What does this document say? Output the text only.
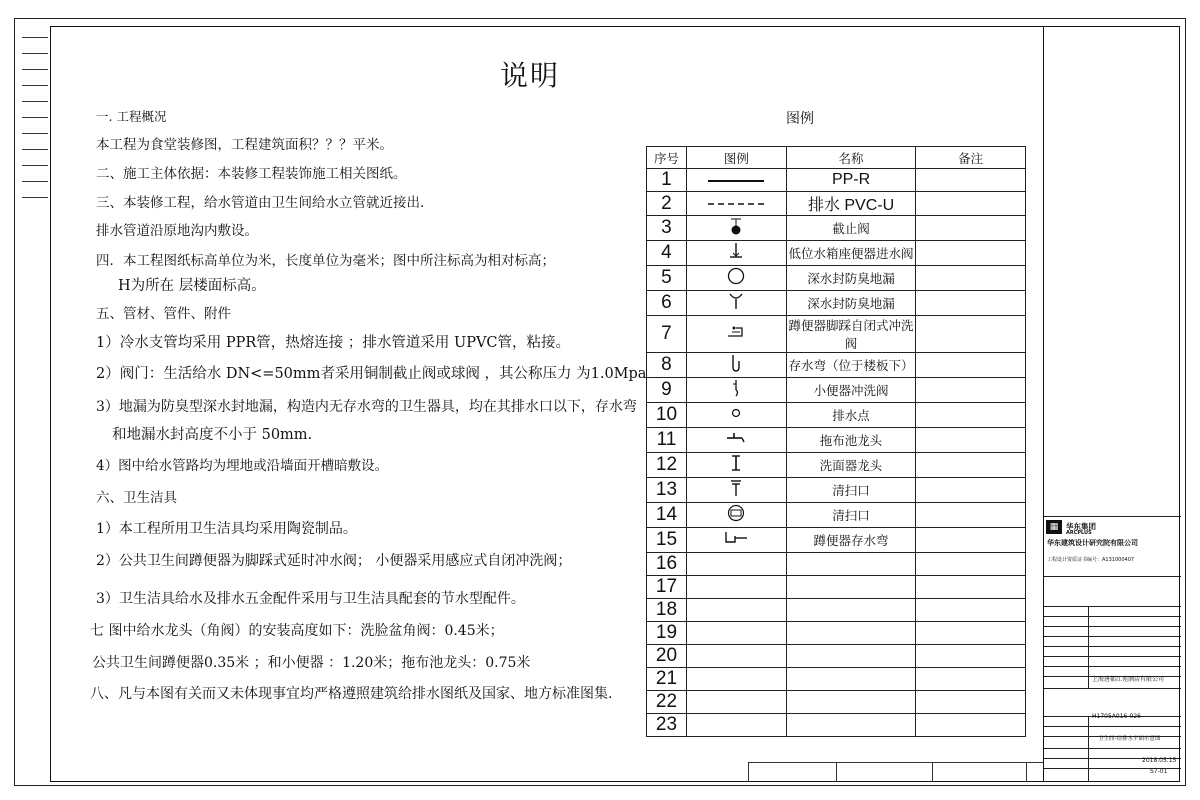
说明
一. 工程概况
本工程为食堂装修图，工程建筑面积？？？平米。
二、施工主体依据：本装修工程装饰施工相关图纸。
三、本装修工程，给水管道由卫生间给水立管就近接出.
排水管道沿原地沟内敷设。
四．本工程图纸标高单位为米，长度单位为毫米；图中所注标高为相对标高；
H为所在 层楼面标高。
五、管材、管件、附件
1）冷水支管均采用 PPR管，热熔连接 ；排水管道采用 UPVC管，粘接。
2）阀门：生活给水 DN<=50mm者采用铜制截止阀或球阀 ，其公称压力 为1.0Mpa
3）地漏为防臭型深水封地漏，构造内无存水弯的卫生器具，均在其排水口以下，存水弯
和地漏水封高度不小于 50mm.
4）图中给水管路均为埋地或沿墙面开槽暗敷设。
六、卫生洁具
1）本工程所用卫生洁具均采用陶瓷制品。
2）公共卫生间蹲便器为脚踩式延时冲水阀； 小便器采用感应式自闭冲洗阀；
3）卫生洁具给水及排水五金配件采用与卫生洁具配套的节水型配件。
七 图中给水龙头（角阀）的安装高度如下：洗脸盆角阀：0.45米；
公共卫生间蹲便器0.35米 ；和小便器 ：1.20米；拖布池龙头：0.75米
八、凡与本图有关而又未体现事宜均严格遵照建筑给排水图纸及国家、地方标准图集.
图例
序号	图例	名称	备注
1		PP-R	
2		排水 PVC-U	
3		截止阀	
4		低位水箱座便器进水阀	
5		深水封防臭地漏	
6		深水封防臭地漏	
7		蹲便器脚踩自闭式冲洗阀	
8		存水弯（位于楼板下）	
9		小便器冲洗阀	
10		排水点	
11		拖布池龙头	
12		洗面器龙头	
13		清扫口	
14		清扫口	
15		蹲便器存水弯	
16			
17			
18			
19			
20			
21			
22			
23			
▦	华东集团
ARCPLUS
华东建筑设计研究院有限公司
工程设计资质证书编号：A131000407
上海唐都江苑酒店有限公司
H1705A016-026
卫生间-给排水平面示意图
2018.05.15
S7-01
